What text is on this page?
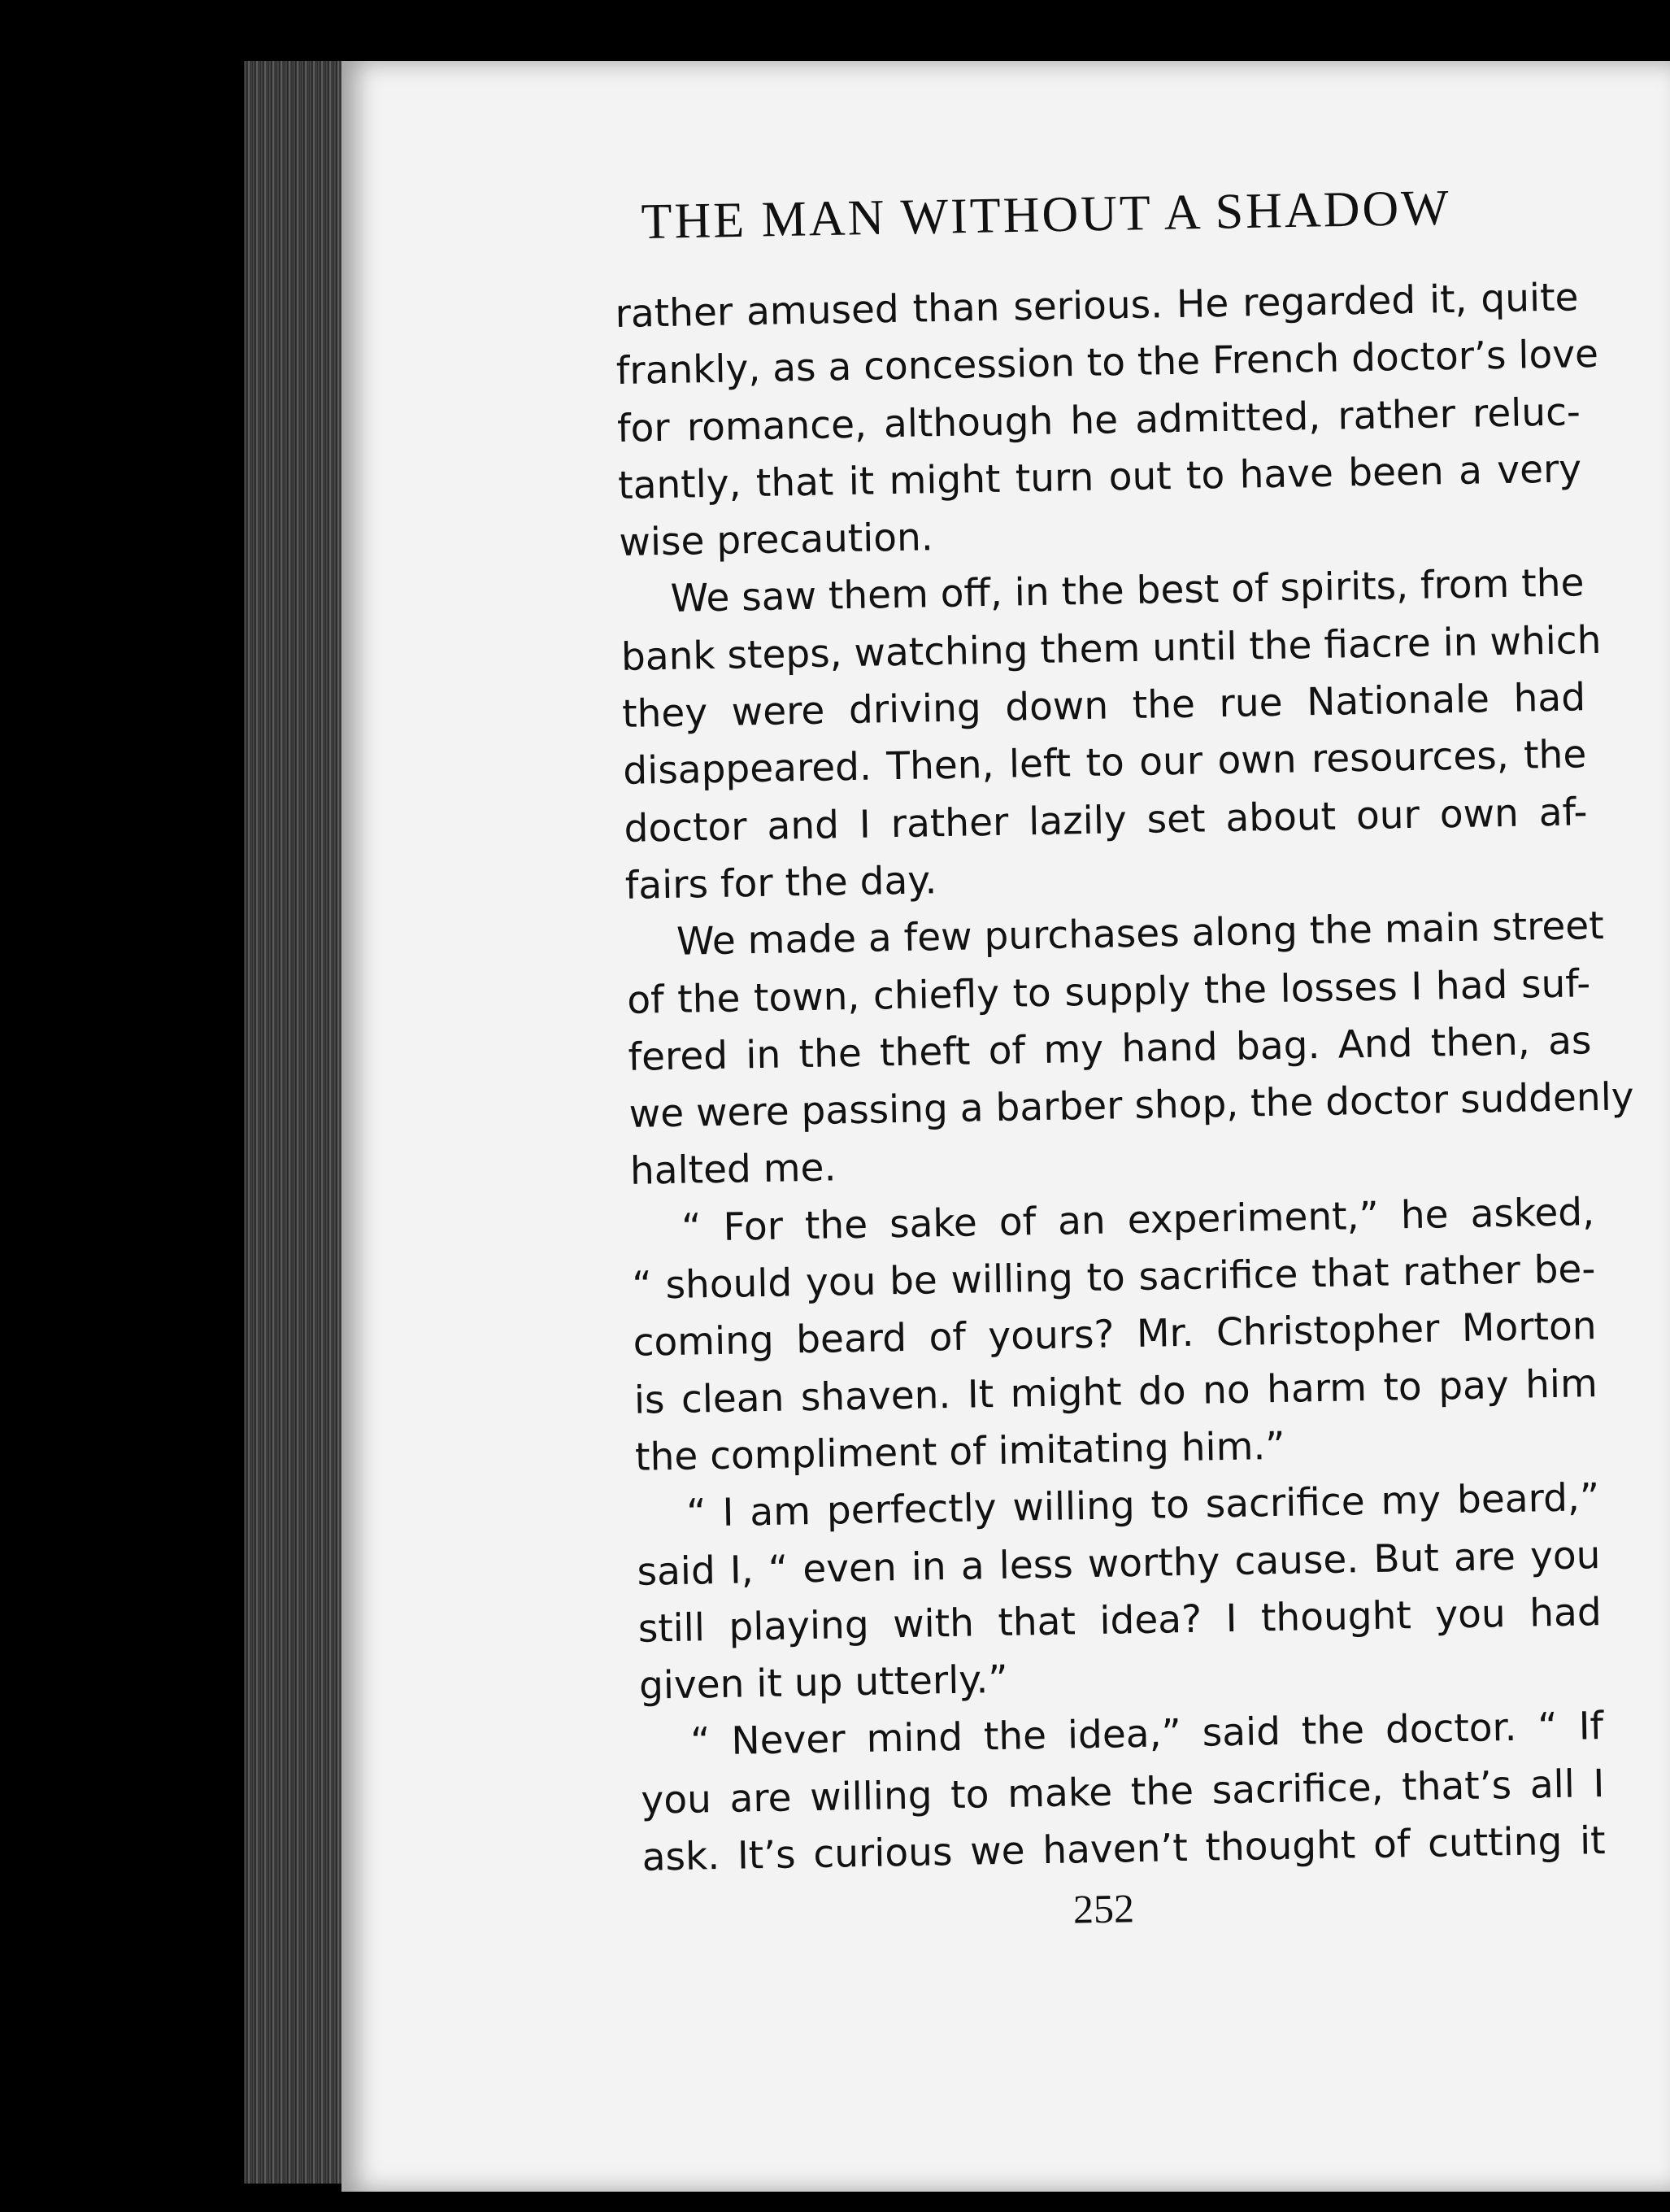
THE MAN WITHOUT A SHADOW
rather amused than serious. He regarded it, quite
frankly, as a concession to the French doctor’s love
for romance, although he admitted, rather reluc-
tantly, that it might turn out to have been a very
wise precaution.
We saw them off, in the best of spirits, from the
bank steps, watching them until the fiacre in which
they were driving down the rue Nationale had
disappeared. Then, left to our own resources, the
doctor and I rather lazily set about our own af-
fairs for the day.
We made a few purchases along the main street
of the town, chiefly to supply the losses I had suf-
fered in the theft of my hand bag. And then, as
we were passing a barber shop, the doctor suddenly
halted me.
“ For the sake of an experiment,” he asked,
“ should you be willing to sacrifice that rather be-
coming beard of yours? Mr. Christopher Morton
is clean shaven. It might do no harm to pay him
the compliment of imitating him.”
“ I am perfectly willing to sacrifice my beard,”
said I, “ even in a less worthy cause. But are you
still playing with that idea? I thought you had
given it up utterly.”
“ Never mind the idea,” said the doctor. “ If
you are willing to make the sacrifice, that’s all I
ask. It’s curious we haven’t thought of cutting it
252
